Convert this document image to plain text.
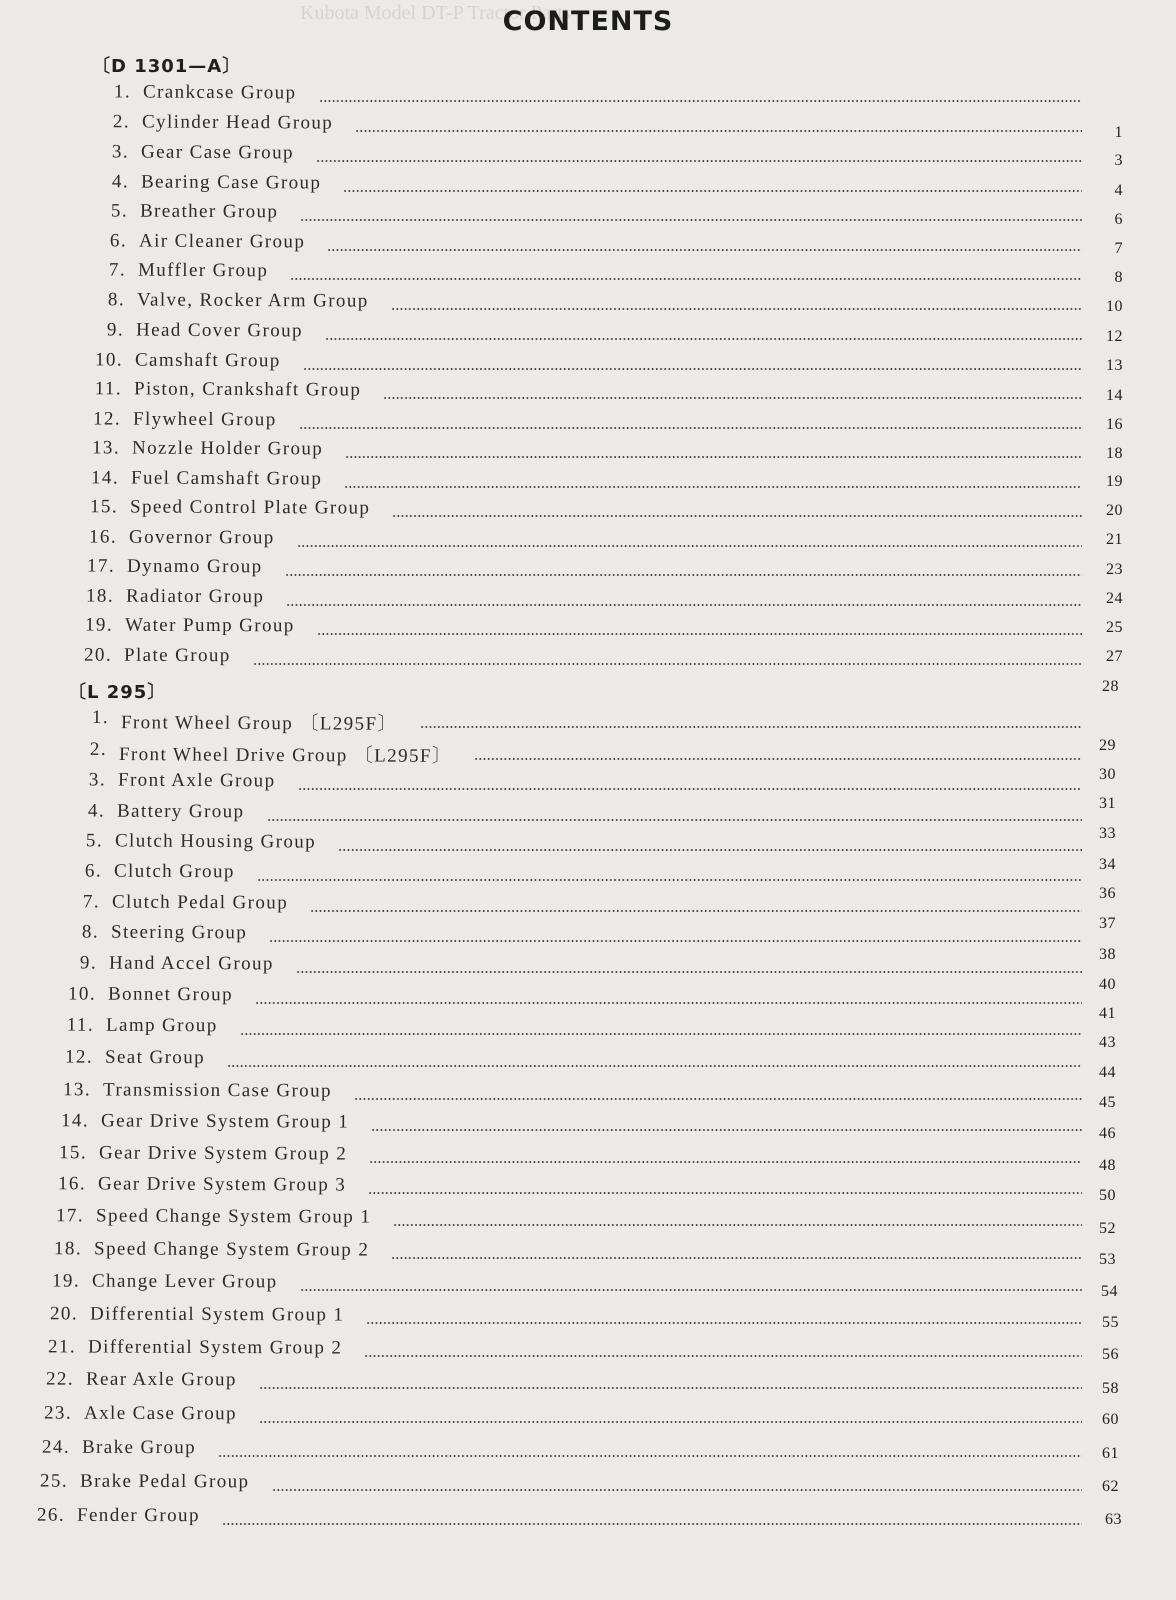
Kubota Model DT-P Tractor Parts
CONTENTS
〔D 1301—A〕
1. Crankcase Group
2. Cylinder Head Group
3. Gear Case Group
4. Bearing Case Group
5. Breather Group
6. Air Cleaner Group
7. Muffler Group
8. Valve, Rocker Arm Group
9. Head Cover Group
10. Camshaft Group
11. Piston, Crankshaft Group
12. Flywheel Group
13. Nozzle Holder Group
14. Fuel Camshaft Group
15. Speed Control Plate Group
16. Governor Group
17. Dynamo Group
18. Radiator Group
19. Water Pump Group
20. Plate Group
〔L 295〕
1. Front Wheel Group 〔L295F〕
2. Front Wheel Drive Group 〔L295F〕
3. Front Axle Group
4. Battery Group
5. Clutch Housing Group
6. Clutch Group
7. Clutch Pedal Group
8. Steering Group
9. Hand Accel Group
10. Bonnet Group
11. Lamp Group
12. Seat Group
13. Transmission Case Group
14. Gear Drive System Group 1
15. Gear Drive System Group 2
16. Gear Drive System Group 3
17. Speed Change System Group 1
18. Speed Change System Group 2
19. Change Lever Group
20. Differential System Group 1
21. Differential System Group 2
22. Rear Axle Group
23. Axle Case Group
24. Brake Group
25. Brake Pedal Group
26. Fender Group
1
3
4
6
7
8
10
12
13
14
16
18
19
20
21
23
24
25
27
28
29
30
31
33
34
36
37
38
40
41
43
44
45
46
48
50
52
53
54
55
56
58
60
61
62
63
